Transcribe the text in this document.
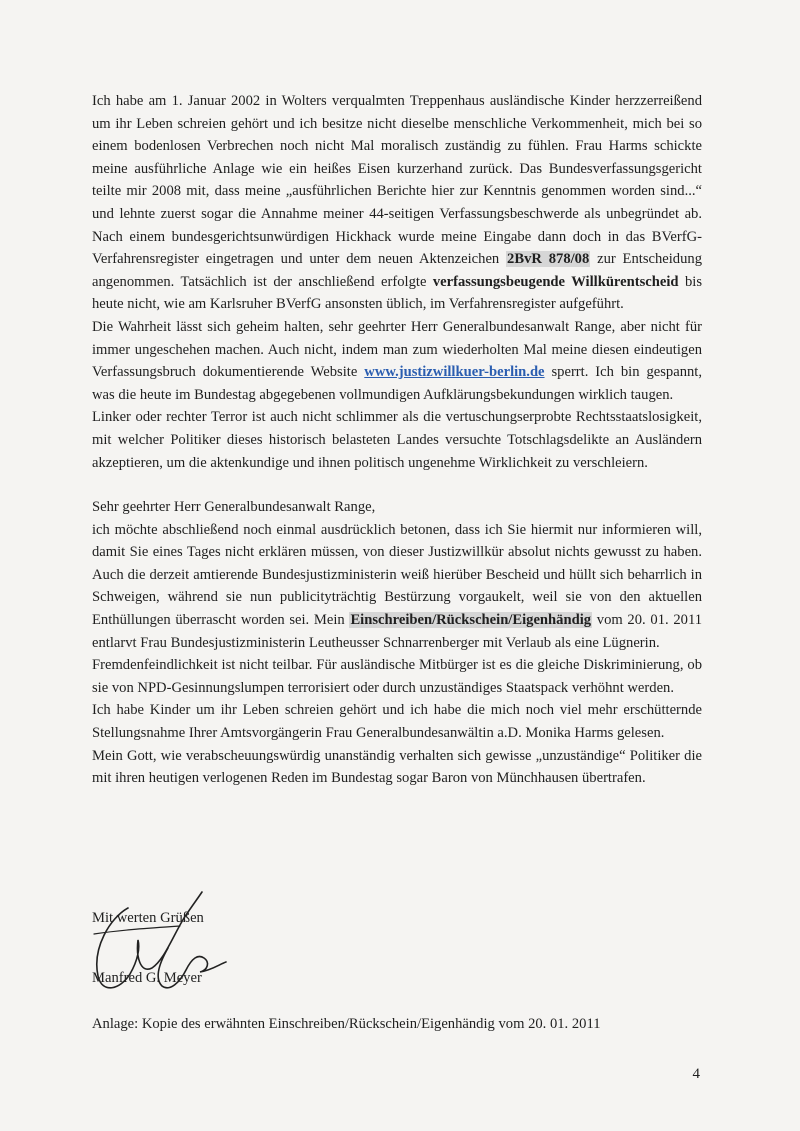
Ich habe am 1. Januar 2002 in Wolters verqualmten Treppenhaus ausländische Kinder herzzerreißend um ihr Leben schreien gehört und ich besitze nicht dieselbe menschliche Verkommenheit, mich bei so einem bodenlosen Verbrechen noch nicht Mal moralisch zuständig zu fühlen. Frau Harms schickte meine ausführliche Anlage wie ein heißes Eisen kurzerhand zurück. Das Bundesverfassungsgericht teilte mir 2008 mit, dass meine „ausführlichen Berichte hier zur Kenntnis genommen worden sind...“ und lehnte zuerst sogar die Annahme meiner 44-seitigen Verfassungsbeschwerde als unbegründet ab. Nach einem bundesgerichtsunwürdigen Hickhack wurde meine Eingabe dann doch in das BVerfG-Verfahrensregister eingetragen und unter dem neuen Aktenzeichen 2BvR 878/08 zur Entscheidung angenommen. Tatsächlich ist der anschließend erfolgte verfassungsbeugende Willkürentscheid bis heute nicht, wie am Karlsruher BVerfG ansonsten üblich, im Verfahrensregister aufgeführt.

Die Wahrheit lässt sich geheim halten, sehr geehrter Herr Generalbundesanwalt Range, aber nicht für immer ungeschehen machen. Auch nicht, indem man zum wiederholten Mal meine diesen eindeutigen Verfassungsbruch dokumentierende Website www.justizwillkuer-berlin.de sperrt. Ich bin gespannt, was die heute im Bundestag abgegebenen vollmundigen Aufklärungsbekundungen wirklich taugen.

Linker oder rechter Terror ist auch nicht schlimmer als die vertuschungserprobte Rechtsstaatslosigkeit, mit welcher Politiker dieses historisch belasteten Landes versuchte Totschlagsdelikte an Ausländern akzeptieren, um die aktenkundige und ihnen politisch ungenehme Wirklichkeit zu verschleiern.

Sehr geehrter Herr Generalbundesanwalt Range,

ich möchte abschließend noch einmal ausdrücklich betonen, dass ich Sie hiermit nur informieren will, damit Sie eines Tages nicht erklären müssen, von dieser Justizwillkür absolut nichts gewusst zu haben. Auch die derzeit amtierende Bundesjustizministerin weiß hierüber Bescheid und hüllt sich beharrlich in Schweigen, während sie nun publicityträchtig Bestürzung vorgaukelt, weil sie von den aktuellen Enthüllungen überrascht worden sei. Mein Einschreiben/Rückschein/Eigenhändig vom 20. 01. 2011 entlarvt Frau Bundesjustizministerin Leutheusser Schnarrenberger mit Verlaub als eine Lügnerin.

Fremdenfeindlichkeit ist nicht teilbar. Für ausländische Mitbürger ist es die gleiche Diskriminierung, ob sie von NPD-Gesinnungslumpen terrorisiert oder durch unzuständiges Staatspack verhöhnt werden.

Ich habe Kinder um ihr Leben schreien gehört und ich habe die mich noch viel mehr erschütternde Stellungsnahme Ihrer Amtsvorgängerin Frau Generalbundesanwältin a.D. Monika Harms gelesen.

Mein Gott, wie verabscheuungswürdig unanständig verhalten sich gewisse „unzuständige“ Politiker die mit ihren heutigen verlogenen Reden im Bundestag sogar Baron von Münchhausen übertrafen.

Mit werten Grüßen
Manfred G. Meyer
Anlage: Kopie des erwähnten Einschreiben/Rückschein/Eigenhändig vom 20. 01. 2011
4
